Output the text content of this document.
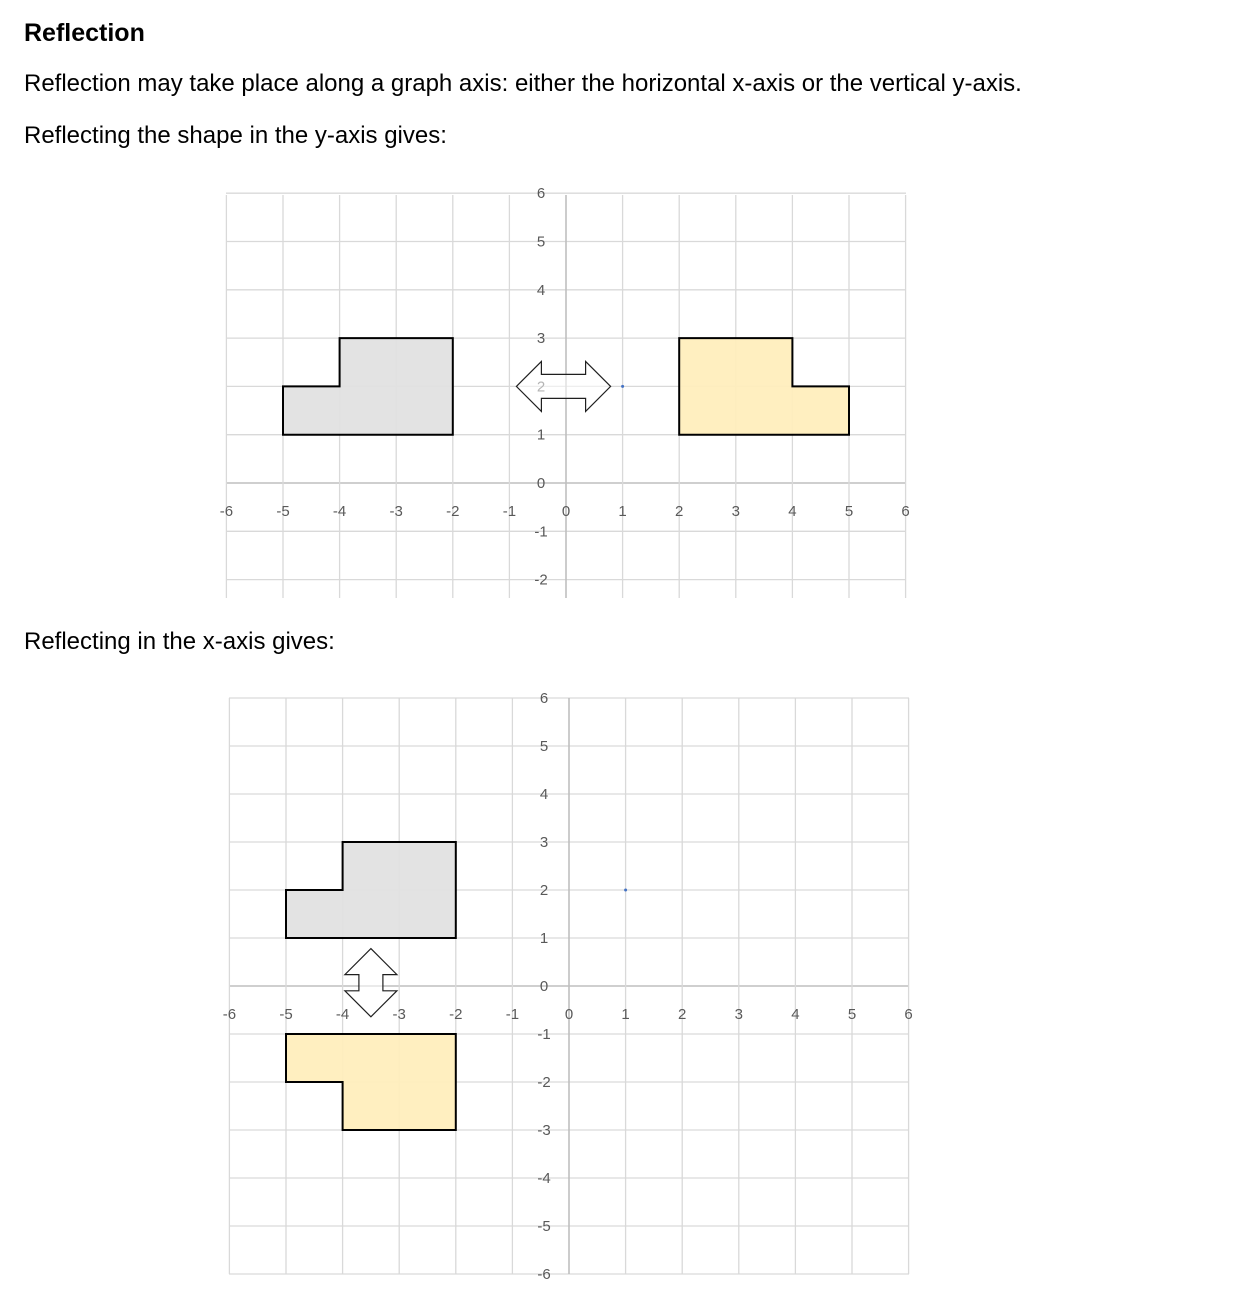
Reflection

Reflection may take place along a graph axis: either the horizontal x-axis or the vertical y-axis.

Reflecting the shape in the y-axis gives:

6
5
4
3
1
0
-1
-2
-6	-5	-4	-3	-2	-1	0	1	2	3	4	5	6

Reflecting in the x-axis gives:

6
5
4
3
2
1
0
-1
-2
-3
-4
-5
-6
-6	-5	-4	-3	-2	-1	0	1	2	3	4	5	6
